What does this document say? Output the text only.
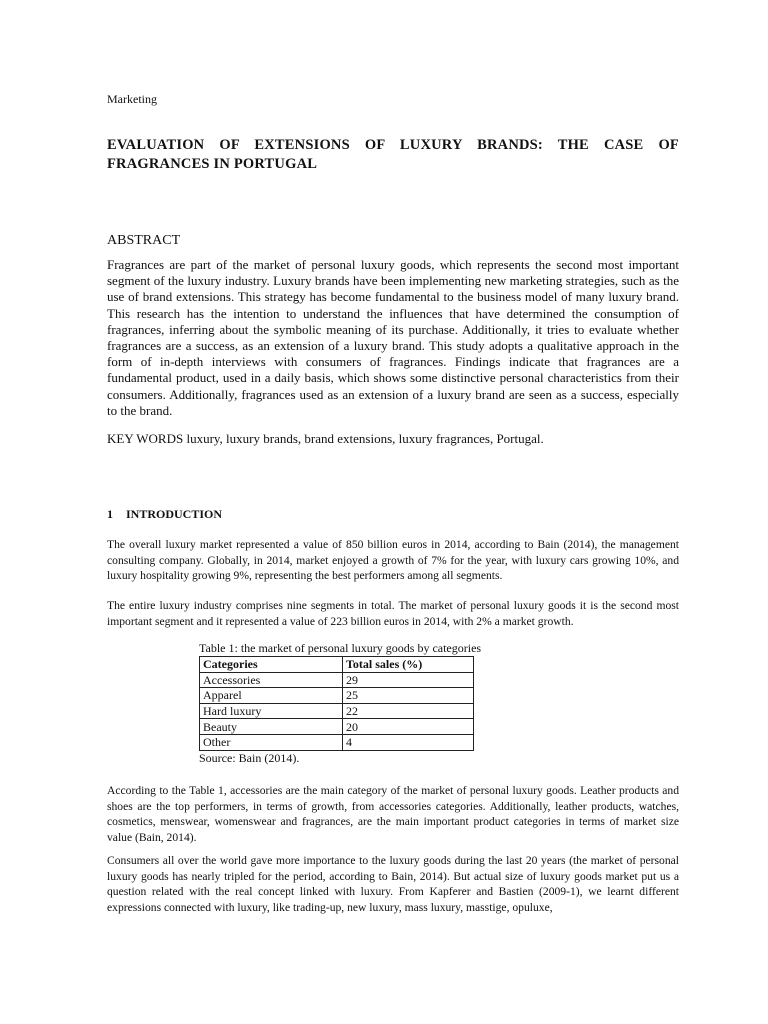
Marketing
EVALUATION OF EXTENSIONS OF LUXURY BRANDS: THE CASE OF FRAGRANCES IN PORTUGAL
ABSTRACT

Fragrances are part of the market of personal luxury goods, which represents the second most important segment of the luxury industry. Luxury brands have been implementing new marketing strategies, such as the use of brand extensions. This strategy has become fundamental to the business model of many luxury brand. This research has the intention to understand the influences that have determined the consumption of fragrances, inferring about the symbolic meaning of its purchase. Additionally, it tries to evaluate whether fragrances are a success, as an extension of a luxury brand. This study adopts a qualitative approach in the form of in-depth interviews with consumers of fragrances. Findings indicate that fragrances are a fundamental product, used in a daily basis, which shows some distinctive personal characteristics from their consumers. Additionally, fragrances used as an extension of a luxury brand are seen as a success, especially to the brand.

KEY WORDS luxury, luxury brands, brand extensions, luxury fragrances, Portugal.
1 INTRODUCTION

The overall luxury market represented a value of 850 billion euros in 2014, according to Bain (2014), the management consulting company. Globally, in 2014, market enjoyed a growth of 7% for the year, with luxury cars growing 10%, and luxury hospitality growing 9%, representing the best performers among all segments.

The entire luxury industry comprises nine segments in total. The market of personal luxury goods it is the second most important segment and it represented a value of 223 billion euros in 2014, with 2% a market growth.

Table 1: the market of personal luxury goods by categories
Categories	Total sales (%)
Accessories	29
Apparel	25
Hard luxury	22
Beauty	20
Other	4
Source: Bain (2014).

According to the Table 1, accessories are the main category of the market of personal luxury goods. Leather products and shoes are the top performers, in terms of growth, from accessories categories. Additionally, leather products, watches, cosmetics, menswear, womenswear and fragrances, are the main important product categories in terms of market size value (Bain, 2014).

Consumers all over the world gave more importance to the luxury goods during the last 20 years (the market of personal luxury goods has nearly tripled for the period, according to Bain, 2014). But actual size of luxury goods market put us a question related with the real concept linked with luxury. From Kapferer and Bastien (2009-1), we learnt different expressions connected with luxury, like trading-up, new luxury, mass luxury, masstige, opuluxe,
